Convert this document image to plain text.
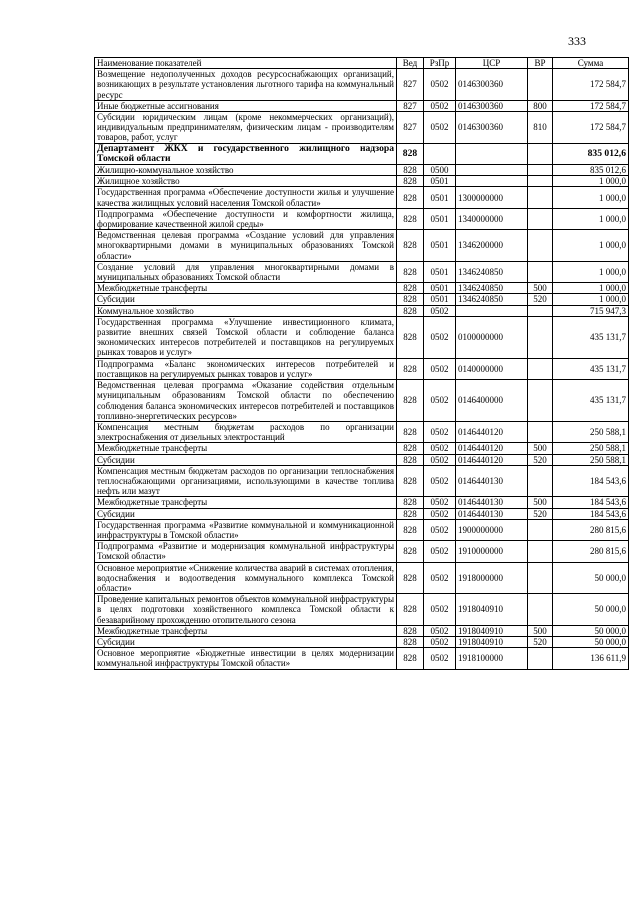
333
Наименование показателей	Вед	РзПр	ЦСР	ВР	Сумма
Возмещение недополученных доходов ресурсоснабжающих организаций, возникающих в результате установления льготного тарифа на коммунальный ресурс	827	0502	0146300360		172 584,7
Иные бюджетные ассигнования	827	0502	0146300360	800	172 584,7
Субсидии юридическим лицам (кроме некоммерческих организаций), индивидуальным предпринимателям, физическим лицам - производителям товаров, работ, услуг	827	0502	0146300360	810	172 584,7
Департамент ЖКХ и государственного жилищного надзора Томской области	828				835 012,6
Жилищно-коммунальное хозяйство	828	0500			835 012,6
Жилищное хозяйство	828	0501			1 000,0
Государственная программа «Обеспечение доступности жилья и улучшение качества жилищных условий населения Томской области»	828	0501	1300000000		1 000,0
Подпрограмма «Обеспечение доступности и комфортности жилища, формирование качественной жилой среды»	828	0501	1340000000		1 000,0
Ведомственная целевая программа «Создание условий для управления многоквартирными домами в муниципальных образованиях Томской области»	828	0501	1346200000		1 000,0
Создание условий для управления многоквартирными домами в муниципальных образованиях Томской области	828	0501	1346240850		1 000,0
Межбюджетные трансферты	828	0501	1346240850	500	1 000,0
Субсидии	828	0501	1346240850	520	1 000,0
Коммунальное хозяйство	828	0502			715 947,3
Государственная программа «Улучшение инвестиционного климата, развитие внешних связей Томской области и соблюдение баланса экономических интересов потребителей и поставщиков на регулируемых рынках товаров и услуг»	828	0502	0100000000		435 131,7
Подпрограмма «Баланс экономических интересов потребителей и поставщиков на регулируемых рынках товаров и услуг»	828	0502	0140000000		435 131,7
Ведомственная целевая программа «Оказание содействия отдельным муниципальным образованиям Томской области по обеспечению соблюдения баланса экономических интересов потребителей и поставщиков топливно-энергетических ресурсов»	828	0502	0146400000		435 131,7
Компенсация местным бюджетам расходов по организации электроснабжения от дизельных электростанций	828	0502	0146440120		250 588,1
Межбюджетные трансферты	828	0502	0146440120	500	250 588,1
Субсидии	828	0502	0146440120	520	250 588,1
Компенсация местным бюджетам расходов по организации теплоснабжения теплоснабжающими организациями, использующими в качестве топлива нефть или мазут	828	0502	0146440130		184 543,6
Межбюджетные трансферты	828	0502	0146440130	500	184 543,6
Субсидии	828	0502	0146440130	520	184 543,6
Государственная программа «Развитие коммунальной и коммуникационной инфраструктуры в Томской области»	828	0502	1900000000		280 815,6
Подпрограмма «Развитие и модернизация коммунальной инфраструктуры Томской области»	828	0502	1910000000		280 815,6
Основное мероприятие «Снижение количества аварий в системах отопления, водоснабжения и водоотведения коммунального комплекса Томской области»	828	0502	1918000000		50 000,0
Проведение капитальных ремонтов объектов коммунальной инфраструктуры в целях подготовки хозяйственного комплекса Томской области к безаварийному прохождению отопительного сезона	828	0502	1918040910		50 000,0
Межбюджетные трансферты	828	0502	1918040910	500	50 000,0
Субсидии	828	0502	1918040910	520	50 000,0
Основное мероприятие «Бюджетные инвестиции в целях модернизации коммунальной инфраструктуры Томской области»	828	0502	1918100000		136 611,9
